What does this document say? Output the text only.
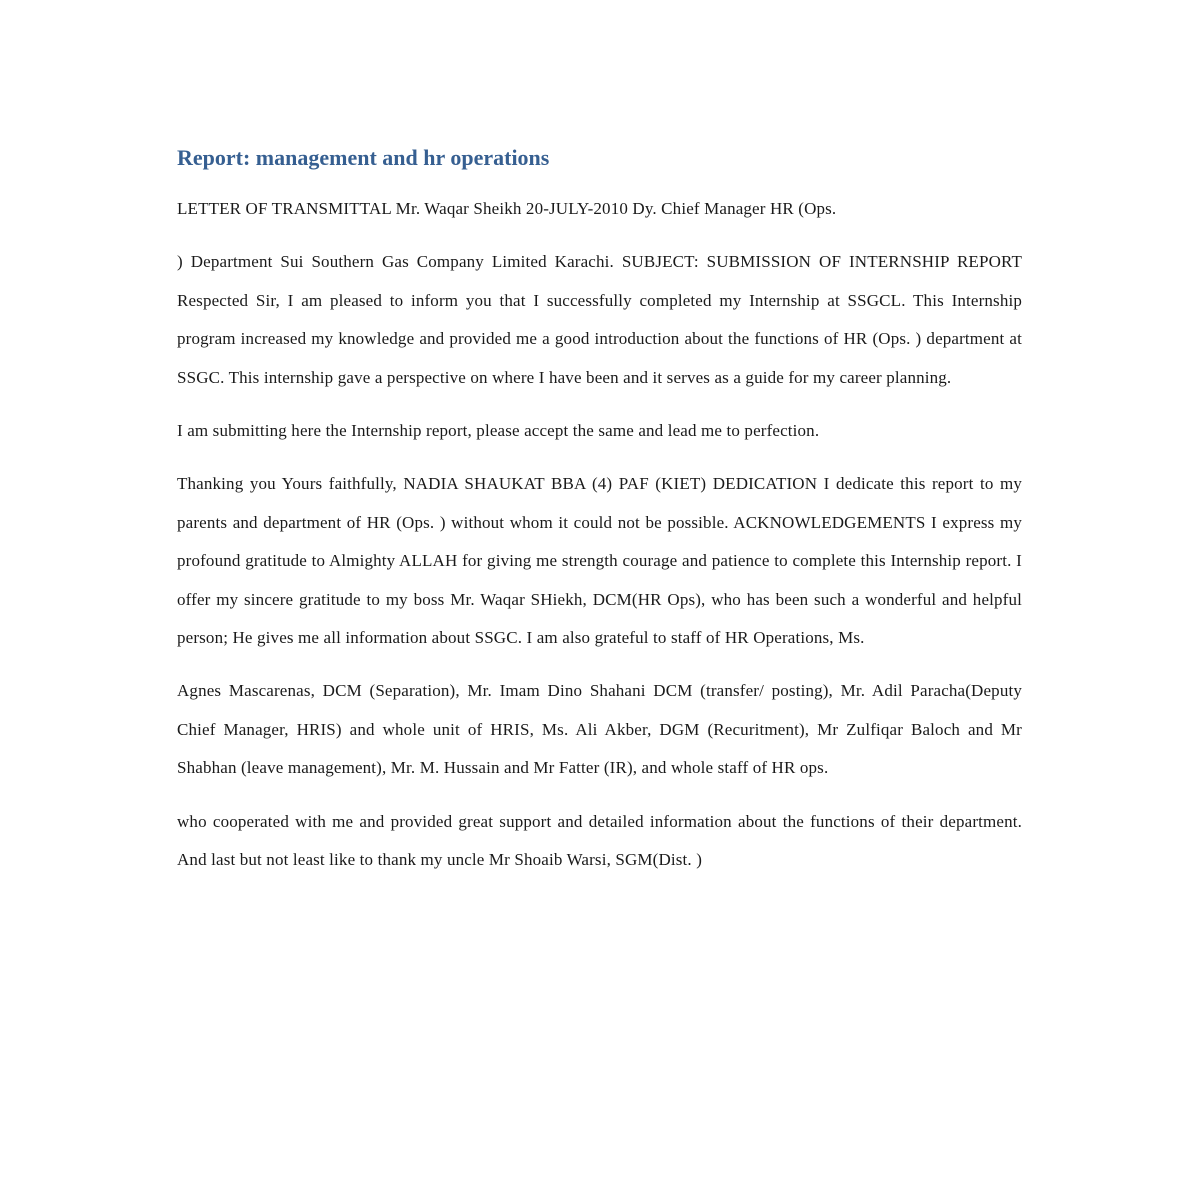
Report: management and hr operations

LETTER OF TRANSMITTAL Mr. Waqar Sheikh 20-JULY-2010 Dy. Chief Manager HR (Ops.

) Department Sui Southern Gas Company Limited Karachi. SUBJECT: SUBMISSION OF INTERNSHIP REPORT Respected Sir, I am pleased to inform you that I successfully completed my Internship at SSGCL. This Internship program increased my knowledge and provided me a good introduction about the functions of HR (Ops. ) department at SSGC. This internship gave a perspective on where I have been and it serves as a guide for my career planning.

I am submitting here the Internship report, please accept the same and lead me to perfection.

Thanking you Yours faithfully, NADIA SHAUKAT BBA (4) PAF (KIET) DEDICATION I dedicate this report to my parents and department of HR (Ops. ) without whom it could not be possible. ACKNOWLEDGEMENTS I express my profound gratitude to Almighty ALLAH for giving me strength courage and patience to complete this Internship report. I offer my sincere gratitude to my boss Mr. Waqar SHiekh, DCM(HR Ops), who has been such a wonderful and helpful person; He gives me all information about SSGC. I am also grateful to staff of HR Operations, Ms.

Agnes Mascarenas, DCM (Separation), Mr. Imam Dino Shahani DCM (transfer/ posting), Mr. Adil Paracha(Deputy Chief Manager, HRIS) and whole unit of HRIS, Ms. Ali Akber, DGM (Recuritment), Mr Zulfiqar Baloch and Mr Shabhan (leave management), Mr. M. Hussain and Mr Fatter (IR), and whole staff of HR ops.

who cooperated with me and provided great support and detailed information about the functions of their department. And last but not least like to thank my uncle Mr Shoaib Warsi, SGM(Dist. )
